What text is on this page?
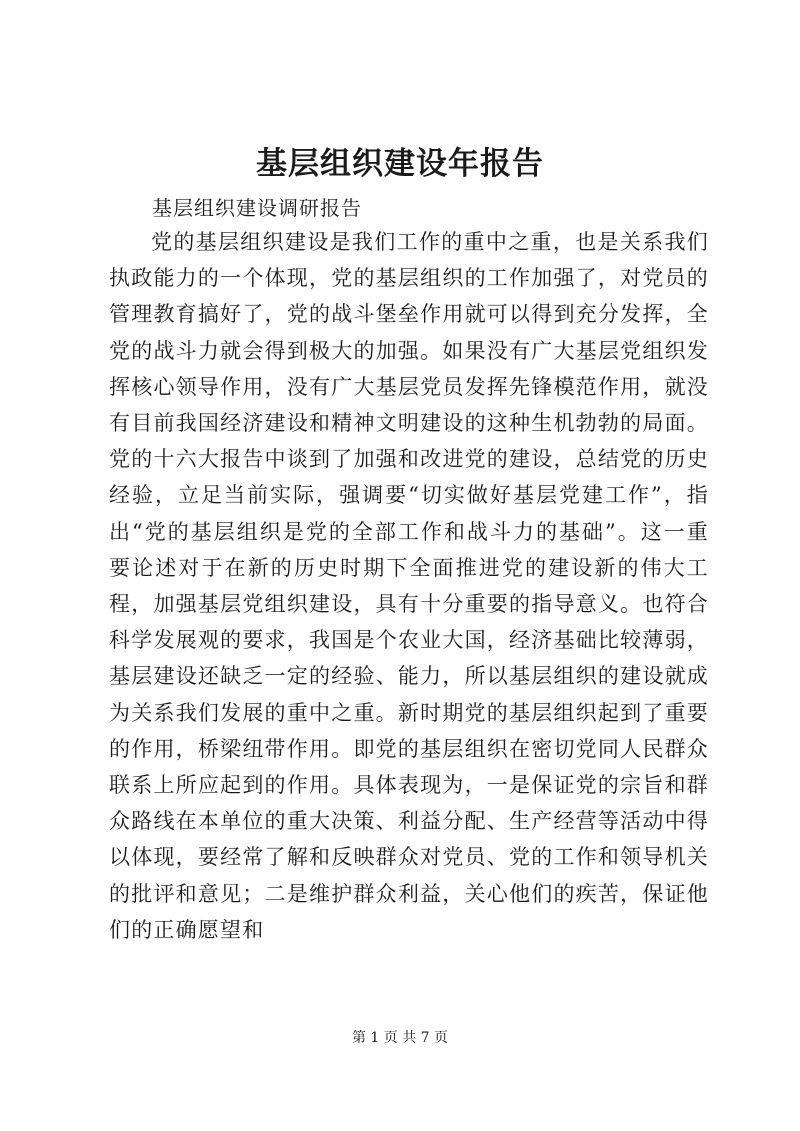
基层组织建设年报告
基层组织建设调研报告

党的基层组织建设是我们工作的重中之重，也是关系我们执政能力的一个体现，党的基层组织的工作加强了，对党员的管理教育搞好了，党的战斗堡垒作用就可以得到充分发挥，全党的战斗力就会得到极大的加强。如果没有广大基层党组织发挥核心领导作用，没有广大基层党员发挥先锋模范作用，就没有目前我国经济建设和精神文明建设的这种生机勃勃的局面。党的十六大报告中谈到了加强和改进党的建设，总结党的历史经验，立足当前实际，强调要“切实做好基层党建工作”，指出“党的基层组织是党的全部工作和战斗力的基础”。这一重要论述对于在新的历史时期下全面推进党的建设新的伟大工程，加强基层党组织建设，具有十分重要的指导意义。也符合科学发展观的要求，我国是个农业大国，经济基础比较薄弱，基层建设还缺乏一定的经验、能力，所以基层组织的建设就成为关系我们发展的重中之重。新时期党的基层组织起到了重要的作用，桥梁纽带作用。即党的基层组织在密切党同人民群众联系上所应起到的作用。具体表现为，一是保证党的宗旨和群众路线在本单位的重大决策、利益分配、生产经营等活动中得以体现，要经常了解和反映群众对党员、党的工作和领导机关的批评和意见；二是维护群众利益，关心他们的疾苦，保证他们的正确愿望和

第 1 页 共 7 页
